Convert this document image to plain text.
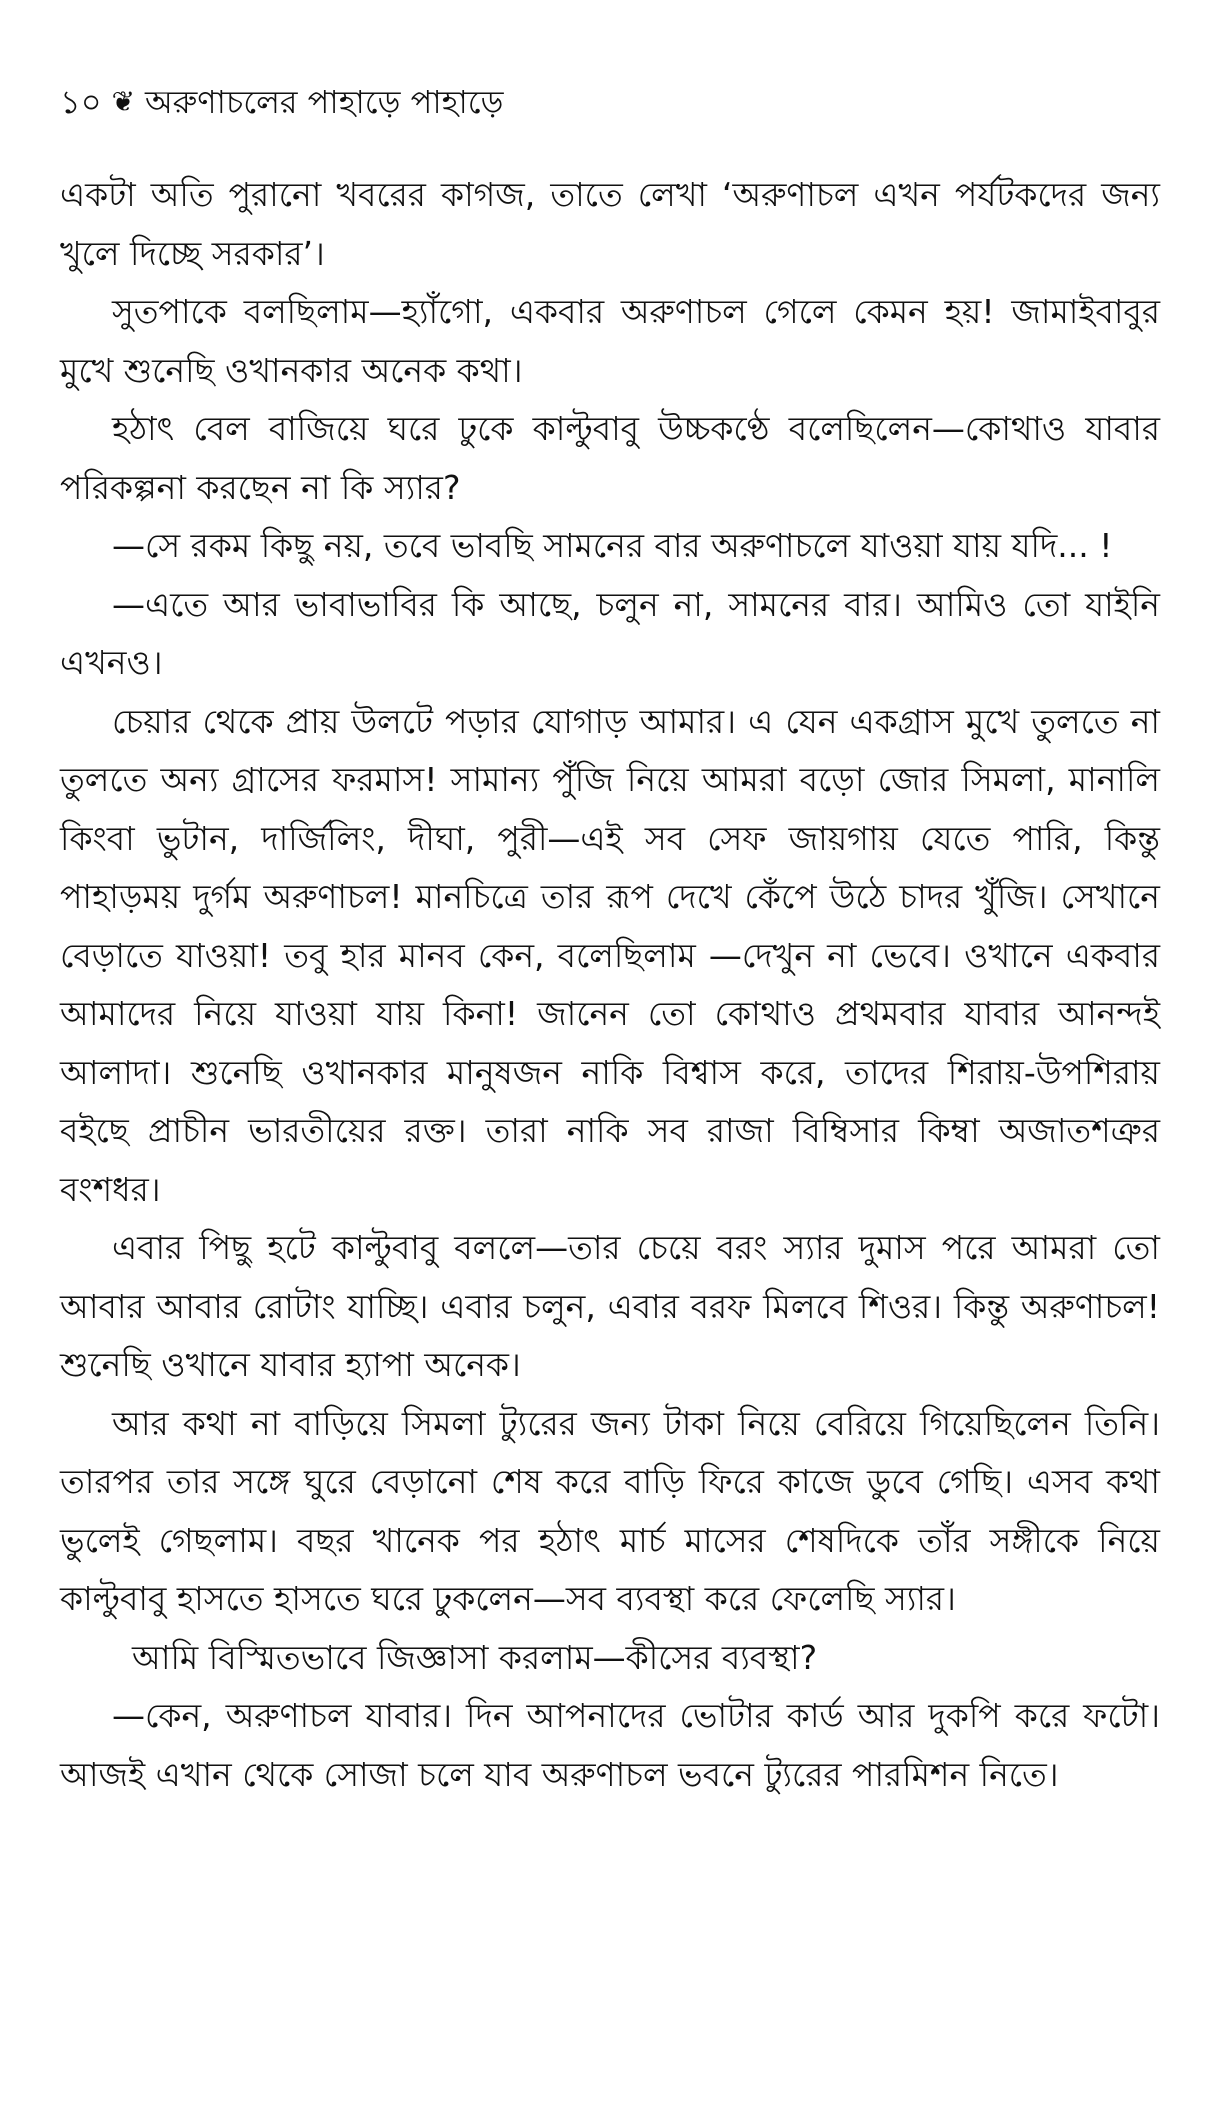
১০ ❦ অরুণাচলের পাহাড়ে পাহাড়ে

একটা অতি পুরানো খবরের কাগজ, তাতে লেখা ‘অরুণাচল এখন পর্যটকদের জন্য খুলে দিচ্ছে সরকার’।

সুতপাকে বলছিলাম—হ্যাঁগো, একবার অরুণাচল গেলে কেমন হয়! জামাইবাবুর মুখে শুনেছি ওখানকার অনেক কথা।

হঠাৎ বেল বাজিয়ে ঘরে ঢুকে কাল্টুবাবু উচ্চকণ্ঠে বলেছিলেন—কোথাও যাবার পরিকল্পনা করছেন না কি স্যার?

—সে রকম কিছু নয়, তবে ভাবছি সামনের বার অরুণাচলে যাওয়া যায় যদি... !

—এতে আর ভাবাভাবির কি আছে, চলুন না, সামনের বার। আমিও তো যাইনি এখনও।

চেয়ার থেকে প্রায় উলটে পড়ার যোগাড় আমার। এ যেন একগ্রাস মুখে তুলতে না তুলতে অন্য গ্রাসের ফরমাস! সামান্য পুঁজি নিয়ে আমরা বড়ো জোর সিমলা, মানালি কিংবা ভুটান, দার্জিলিং, দীঘা, পুরী—এই সব সেফ জায়গায় যেতে পারি, কিন্তু পাহাড়ময় দুর্গম অরুণাচল! মানচিত্রে তার রূপ দেখে কেঁপে উঠে চাদর খুঁজি। সেখানে বেড়াতে যাওয়া! তবু হার মানব কেন, বলেছিলাম —দেখুন না ভেবে। ওখানে একবার আমাদের নিয়ে যাওয়া যায় কিনা! জানেন তো কোথাও প্রথমবার যাবার আনন্দই আলাদা। শুনেছি ওখানকার মানুষজন নাকি বিশ্বাস করে, তাদের শিরায়-উপশিরায় বইছে প্রাচীন ভারতীয়ের রক্ত। তারা নাকি সব রাজা বিম্বিসার কিম্বা অজাতশত্রুর বংশধর।

এবার পিছু হটে কাল্টুবাবু বললে—তার চেয়ে বরং স্যার দুমাস পরে আমরা তো আবার আবার রোটাং যাচ্ছি। এবার চলুন, এবার বরফ মিলবে শিওর। কিন্তু অরুণাচল! শুনেছি ওখানে যাবার হ্যাপা অনেক।

আর কথা না বাড়িয়ে সিমলা ট্যুরের জন্য টাকা নিয়ে বেরিয়ে গিয়েছিলেন তিনি। তারপর তার সঙ্গে ঘুরে বেড়ানো শেষ করে বাড়ি ফিরে কাজে ডুবে গেছি। এসব কথা ভুলেই গেছলাম। বছর খানেক পর হঠাৎ মার্চ মাসের শেষদিকে তাঁর সঙ্গীকে নিয়ে কাল্টুবাবু হাসতে হাসতে ঘরে ঢুকলেন—সব ব্যবস্থা করে ফেলেছি স্যার।

আমি বিস্মিতভাবে জিজ্ঞাসা করলাম—কীসের ব্যবস্থা?

—কেন, অরুণাচল যাবার। দিন আপনাদের ভোটার কার্ড আর দুকপি করে ফটো। আজই এখান থেকে সোজা চলে যাব অরুণাচল ভবনে ট্যুরের পারমিশন নিতে।
